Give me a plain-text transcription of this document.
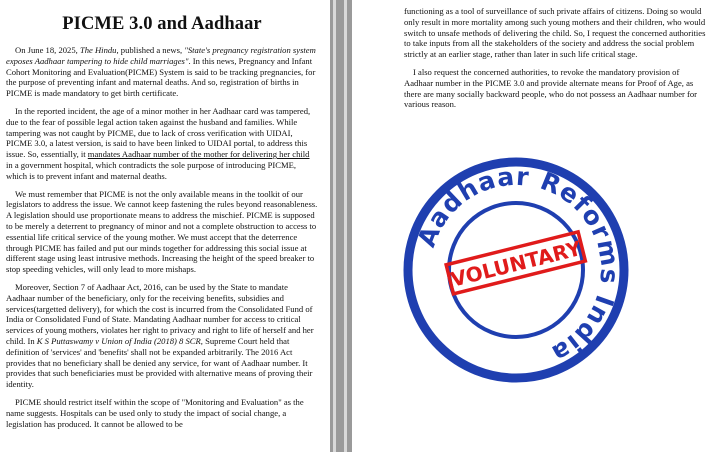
PICME 3.0 and Aadhaar

On June 18, 2025, The Hindu, published a news, "State's pregnancy registration system exposes Aadhaar tampering to hide child marriages". In this news, Pregnancy and Infant Cohort Monitoring and Evaluation(PICME) System is said to be tracking pregnancies, for the purpose of preventing infant and maternal deaths. And so, registration of births in PICME is made mandatory to get birth certificate.

In the reported incident, the age of a minor mother in her Aadhaar card was tampered, due to the fear of possible legal action taken against the husband and families. While tampering was not caught by PICME, due to lack of cross verification with UIDAI, PICME 3.0, a latest version, is said to have been linked to UIDAI portal, to address this issue. So, essentially, it mandates Aadhaar number of the mother for delivering her child in a government hospital, which contradicts the sole purpose of introducing PICME, which is to prevent infant and maternal deaths.

We must remember that PICME is not the only available means in the toolkit of our legislators to address the issue. We cannot keep fastening the rules beyond reasonableness. A legislation should use proportionate means to address the mischief. PICME is supposed to be merely a deterrent to pregnancy of minor and not a complete obstruction to access to essential life critical service of the young mother. We must accept that the deterrence through PICME has failed and put our minds together for addressing this social issue at different stage using least intrusive methods. Increasing the height of the speed breaker to stop speeding vehicles, will only lead to more mishaps.

Moreover, Section 7 of Aadhaar Act, 2016, can be used by the State to mandate Aadhaar number of the beneficiary, only for the receiving benefits, subsidies and services(targetted delivery), for which the cost is incurred from the Consolidated Fund of India or Consolidated Fund of State. Mandating Aadhaar number for access to critical services of young mothers, violates her right to privacy and right to life of herself and her child. In K S Puttaswamy v Union of India (2018) 8 SCR, Supreme Court held that definition of 'services' and 'benefits' shall not be expanded arbitrarily. The 2016 Act provides that no beneficiary shall be denied any service, for want of Aadhaar number. It provides that such beneficiaries must be provided with alternative means of proving their identity.

PICME should restrict itself within the scope of "Monitoring and Evaluation" as the name suggests. Hospitals can be used only to study the impact of social change, a legislation has produced. It cannot be allowed to be

functioning as a tool of surveillance of such private affairs of citizens. Doing so would only result in more mortality among such young mothers and their children, who would switch to unsafe methods of delivering the child. So, I request the concerned authorities to take inputs from all the stakeholders of the society and address the social problem strictly at an earlier stage, rather than later in such life critical stage.

I also request the concerned authorities, to revoke the mandatory provision of Aadhaar number in the PICME 3.0 and provide alternate means for Proof of Age, as there are many socially backward people, who do not possess an Aadhaar number for various reason.

Aadhaar Reforms India
VOLUNTARY
